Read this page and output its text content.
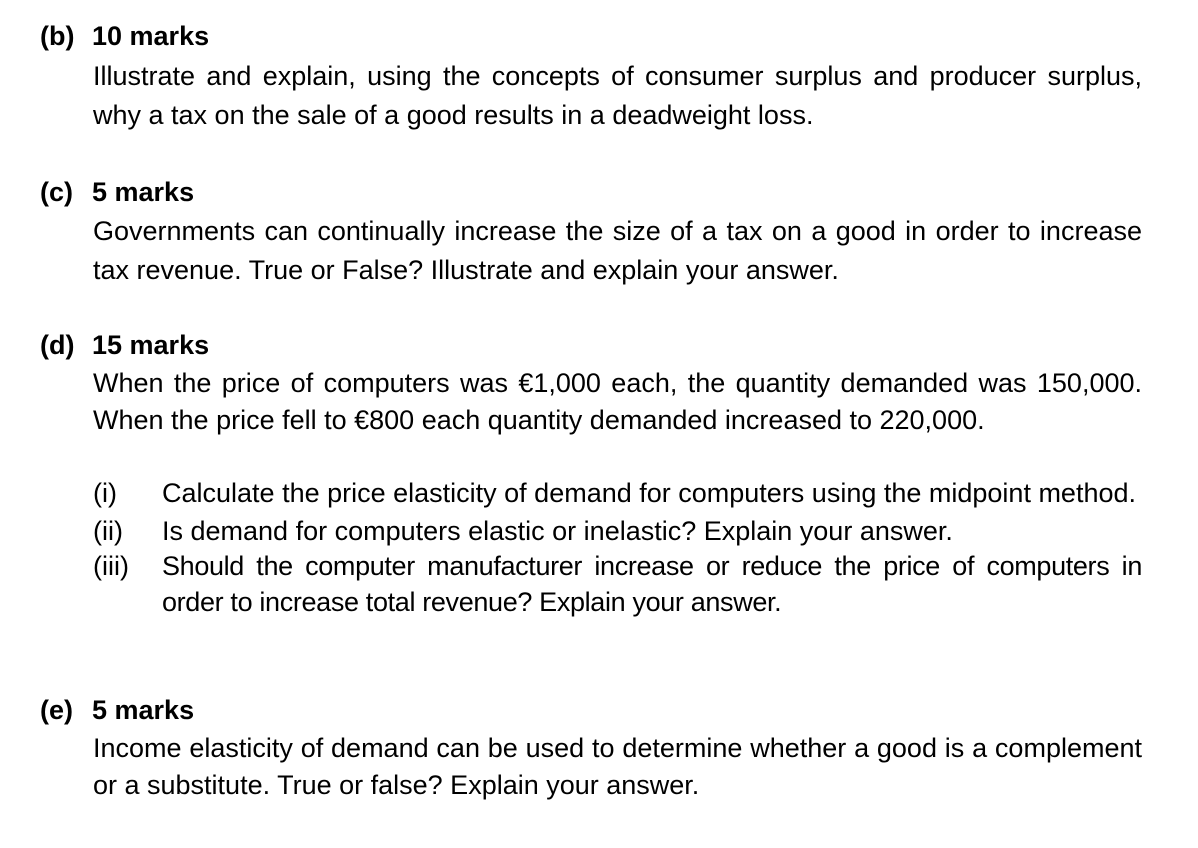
(b) 10 marks
Illustrate and explain, using the concepts of consumer surplus and producer surplus, why a tax on the sale of a good results in a deadweight loss.
(c) 5 marks
Governments can continually increase the size of a tax on a good in order to increase tax revenue. True or False? Illustrate and explain your answer.
(d) 15 marks
When the price of computers was €1,000 each, the quantity demanded was 150,000. When the price fell to €800 each quantity demanded increased to 220,000.
(i) Calculate the price elasticity of demand for computers using the midpoint method.
(ii) Is demand for computers elastic or inelastic? Explain your answer.
(iii) Should the computer manufacturer increase or reduce the price of computers in order to increase total revenue? Explain your answer.
(e) 5 marks
Income elasticity of demand can be used to determine whether a good is a complement or a substitute. True or false? Explain your answer.
